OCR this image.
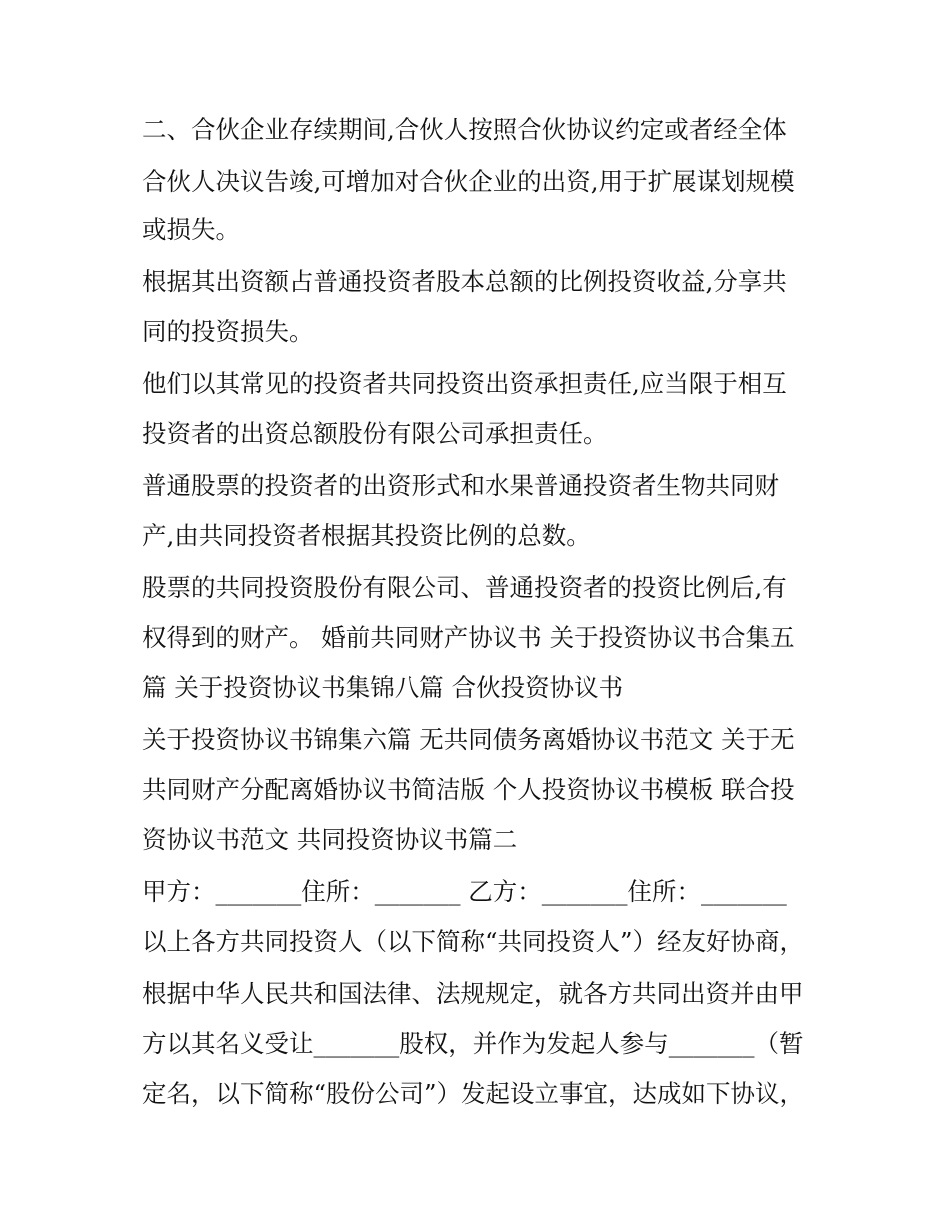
二、合伙企业存续期间,合伙人按照合伙协议约定或者经全体
合伙人决议告竣,可增加对合伙企业的出资,用于扩展谋划规模
或损失。
根据其出资额占普通投资者股本总额的比例投资收益,分享共
同的投资损失。
他们以其常见的投资者共同投资出资承担责任,应当限于相互
投资者的出资总额股份有限公司承担责任。
普通股票的投资者的出资形式和水果普通投资者生物共同财
产,由共同投资者根据其投资比例的总数。
股票的共同投资股份有限公司、普通投资者的投资比例后,有
权得到的财产。 婚前共同财产协议书 关于投资协议书合集五
篇 关于投资协议书集锦八篇 合伙投资协议书
关于投资协议书锦集六篇 无共同债务离婚协议书范文 关于无
共同财产分配离婚协议书简洁版 个人投资协议书模板 联合投
资协议书范文 共同投资协议书篇二
甲方：_______住所：_______ 乙方：_______住所：_______
以上各方共同投资人（以下简称“共同投资人”）经友好协商，
根据中华人民共和国法律、法规规定，就各方共同出资并由甲
方以其名义受让_______股权，并作为发起人参与_______（暂
定名，以下简称“股份公司”）发起设立事宜，达成如下协议，
